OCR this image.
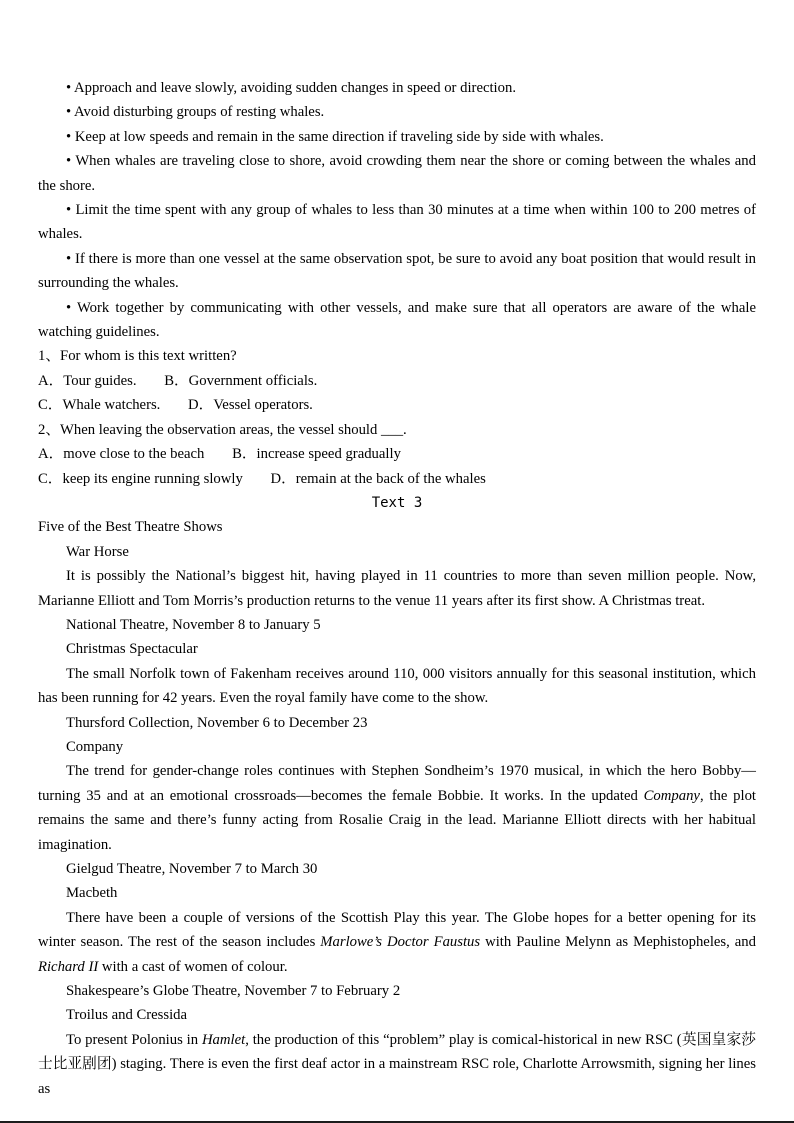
• Approach and leave slowly, avoiding sudden changes in speed or direction.

• Avoid disturbing groups of resting whales.

• Keep at low speeds and remain in the same direction if traveling side by side with whales.

• When whales are traveling close to shore, avoid crowding them near the shore or coming between the whales and the shore.

• Limit the time spent with any group of whales to less than 30 minutes at a time when within 100 to 200 metres of whales.

• If there is more than one vessel at the same observation spot, be sure to avoid any boat position that would result in surrounding the whales.

• Work together by communicating with other vessels, and make sure that all operators are aware of the whale watching guidelines.

1、For whom is this text written?

A．Tour guides. B．Government officials.

C．Whale watchers. D．Vessel operators.

2、When leaving the observation areas, the vessel should ___.

A．move close to the beach B．increase speed gradually

C．keep its engine running slowly D．remain at the back of the whales

Text 3

Five of the Best Theatre Shows

War Horse

It is possibly the National’s biggest hit, having played in 11 countries to more than seven million people. Now, Marianne Elliott and Tom Morris’s production returns to the venue 11 years after its first show. A Christmas treat.

National Theatre, November 8 to January 5

Christmas Spectacular

The small Norfolk town of Fakenham receives around 110, 000 visitors annually for this seasonal institution, which has been running for 42 years. Even the royal family have come to the show.

Thursford Collection, November 6 to December 23

Company

The trend for gender-change roles continues with Stephen Sondheim’s 1970 musical, in which the hero Bobby—turning 35 and at an emotional crossroads—becomes the female Bobbie. It works. In the updated Company, the plot remains the same and there’s funny acting from Rosalie Craig in the lead. Marianne Elliott directs with her habitual imagination.

Gielgud Theatre, November 7 to March 30

Macbeth

There have been a couple of versions of the Scottish Play this year. The Globe hopes for a better opening for its winter season. The rest of the season includes Marlowe’s Doctor Faustus with Pauline Melynn as Mephistopheles, and Richard II with a cast of women of colour.

Shakespeare’s Globe Theatre, November 7 to February 2

Troilus and Cressida

To present Polonius in Hamlet, the production of this “problem” play is comical-historical in new RSC (英国皇家莎士比亚剧团) staging. There is even the first deaf actor in a mainstream RSC role, Charlotte Arrowsmith, signing her lines as
